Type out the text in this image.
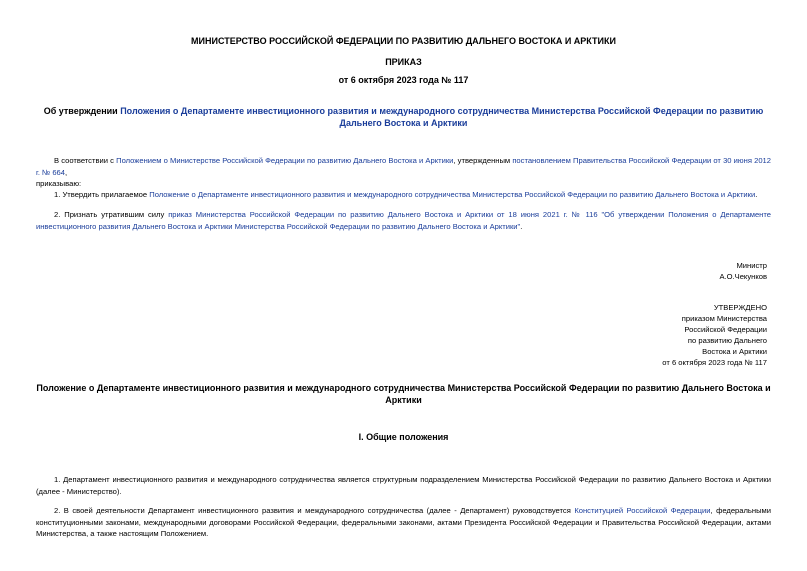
МИНИСТЕРСТВО РОССИЙСКОЙ ФЕДЕРАЦИИ ПО РАЗВИТИЮ ДАЛЬНЕГО ВОСТОКА И АРКТИКИ
ПРИКАЗ
от 6 октября 2023 года № 117
Об утверждении Положения о Департаменте инвестиционного развития и международного сотрудничества Министерства Российской Федерации по развитию Дальнего Востока и Арктики
В соответствии с Положением о Министерстве Российской Федерации по развитию Дальнего Востока и Арктики, утвержденным постановлением Правительства Российской Федерации от 30 июня 2012 г. № 664,
приказываю:
1. Утвердить прилагаемое Положение о Департаменте инвестиционного развития и международного сотрудничества Министерства Российской Федерации по развитию Дальнего Востока и Арктики.
2. Признать утратившим силу приказ Министерства Российской Федерации по развитию Дальнего Востока и Арктики от 18 июня 2021 г. № 116 "Об утверждении Положения о Департаменте инвестиционного развития Дальнего Востока и Арктики Министерства Российской Федерации по развитию Дальнего Востока и Арктики".
Министр
А.О.Чекунков
УТВЕРЖДЕНО
приказом Министерства
Российской Федерации
по развитию Дальнего
Востока и Арктики
от 6 октября 2023 года № 117
Положение о Департаменте инвестиционного развития и международного сотрудничества Министерства Российской Федерации по развитию Дальнего Востока и Арктики
I. Общие положения
1. Департамент инвестиционного развития и международного сотрудничества является структурным подразделением Министерства Российской Федерации по развитию Дальнего Востока и Арктики (далее - Министерство).
2. В своей деятельности Департамент инвестиционного развития и международного сотрудничества (далее - Департамент) руководствуется Конституцией Российской Федерации, федеральными конституционными законами, международными договорами Российской Федерации, федеральными законами, актами Президента Российской Федерации и Правительства Российской Федерации, актами Министерства, а также настоящим Положением.
